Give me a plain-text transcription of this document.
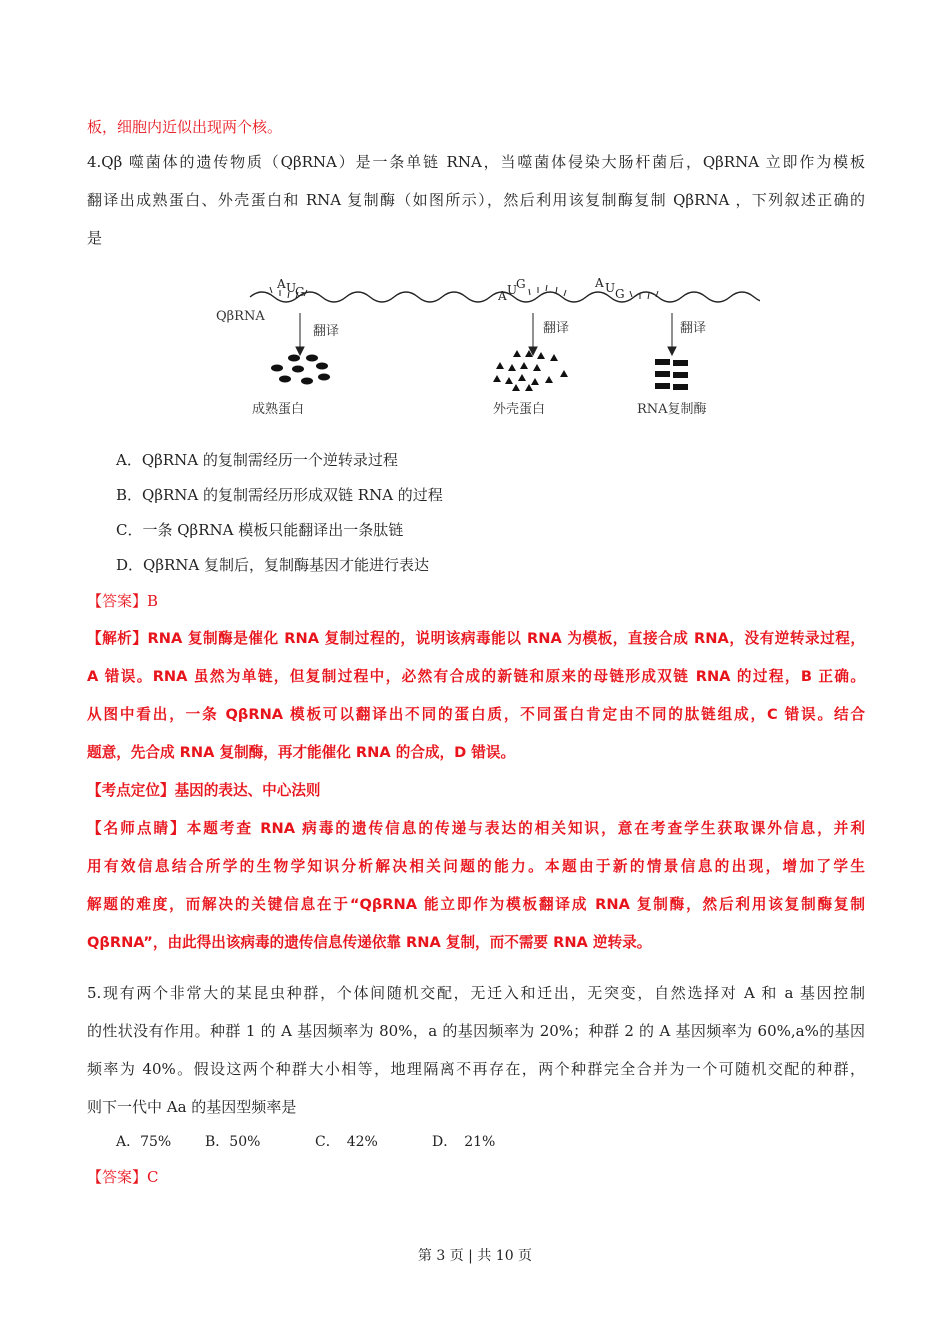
板，细胞内近似出现两个核。
4.Qβ 噬菌体的遗传物质（QβRNA）是一条单链 RNA，当噬菌体侵染大肠杆菌后，QβRNA 立即作为模板
翻译出成熟蛋白、外壳蛋白和 RNA 复制酶（如图所示），然后利用该复制酶复制 QβRNA ，下列叙述正确的
是
A U
G	A U
G	A U G
QβRNA
翻译	翻译	翻译
成熟蛋白	外壳蛋白	RNA复制酶
A．QβRNA 的复制需经历一个逆转录过程
B．QβRNA 的复制需经历形成双链 RNA 的过程
C．一条 QβRNA 模板只能翻译出一条肽链
D．QβRNA 复制后，复制酶基因才能进行表达
【答案】B
【解析】RNA 复制酶是催化 RNA 复制过程的，说明该病毒能以 RNA 为模板，直接合成 RNA，没有逆转录过程，
A 错误。RNA 虽然为单链，但复制过程中，必然有合成的新链和原来的母链形成双链 RNA 的过程，B 正确。
从图中看出，一条 QβRNA 模板可以翻译出不同的蛋白质，不同蛋白肯定由不同的肽链组成，C 错误。结合
题意，先合成 RNA 复制酶，再才能催化 RNA 的合成，D 错误。
【考点定位】基因的表达、中心法则
【名师点睛】本题考查 RNA 病毒的遗传信息的传递与表达的相关知识，意在考查学生获取课外信息，并利
用有效信息结合所学的生物学知识分析解决相关问题的能力。本题由于新的情景信息的出现，增加了学生
解题的难度，而解决的关键信息在于“QβRNA 能立即作为模板翻译成 RNA 复制酶，然后利用该复制酶复制
QβRNA”，由此得出该病毒的遗传信息传递依靠 RNA 复制，而不需要 RNA 逆转录。
5.现有两个非常大的某昆虫种群，个体间随机交配，无迁入和迁出，无突变，自然选择对 A 和 a 基因控制
的性状没有作用。种群 1 的 A 基因频率为 80%，a 的基因频率为 20%；种群 2 的 A 基因频率为 60%,a%的基因
频率为 40%。假设这两个种群大小相等，地理隔离不再存在，两个种群完全合并为一个可随机交配的种群，
则下一代中 Aa 的基因型频率是
A．75% B．50%	C．　42%	D．　21%
【答案】C
第 3 页 | 共 10 页
